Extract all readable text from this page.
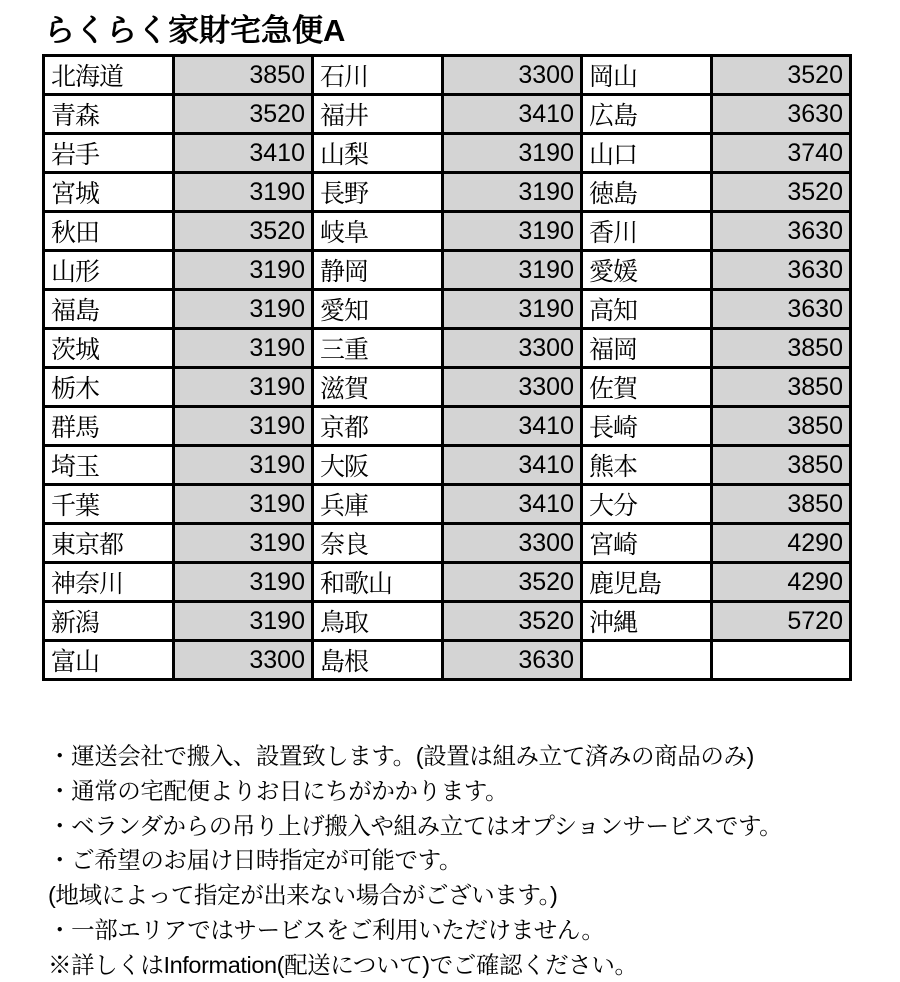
らくらく家財宅急便A
北海道	3850	石川	3300	岡山	3520
青森	3520	福井	3410	広島	3630
岩手	3410	山梨	3190	山口	3740
宮城	3190	長野	3190	徳島	3520
秋田	3520	岐阜	3190	香川	3630
山形	3190	静岡	3190	愛媛	3630
福島	3190	愛知	3190	高知	3630
茨城	3190	三重	3300	福岡	3850
栃木	3190	滋賀	3300	佐賀	3850
群馬	3190	京都	3410	長崎	3850
埼玉	3190	大阪	3410	熊本	3850
千葉	3190	兵庫	3410	大分	3850
東京都	3190	奈良	3300	宮崎	4290
神奈川	3190	和歌山	3520	鹿児島	4290
新潟	3190	鳥取	3520	沖縄	5720
富山	3300	島根	3630		
・運送会社で搬入、設置致します。(設置は組み立て済みの商品のみ)
・通常の宅配便よりお日にちがかかります。
・ベランダからの吊り上げ搬入や組み立てはオプションサービスです。
・ご希望のお届け日時指定が可能です。
(地域によって指定が出来ない場合がございます。)
・一部エリアではサービスをご利用いただけません。
※詳しくはInformation(配送について)でご確認ください。
